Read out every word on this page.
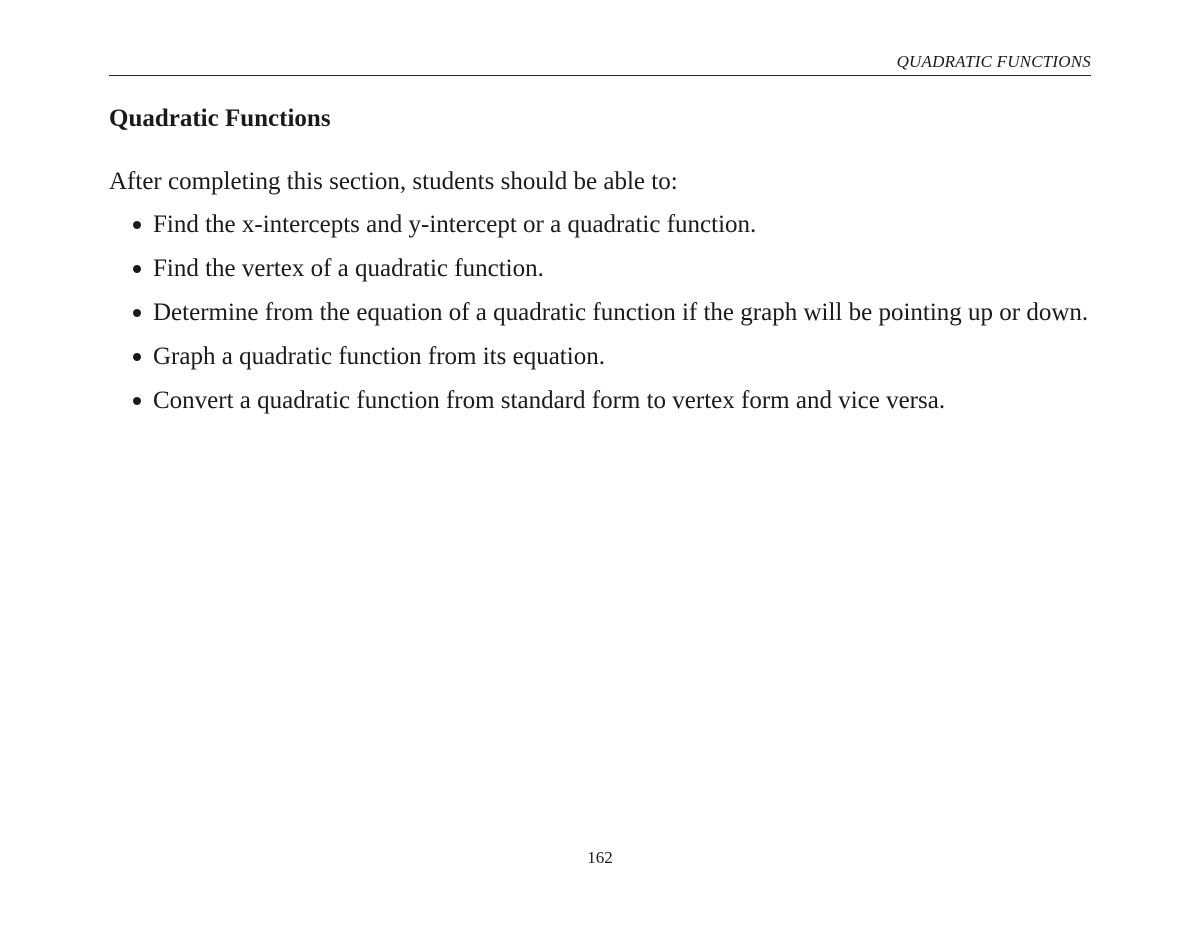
QUADRATIC FUNCTIONS
Quadratic Functions

After completing this section, students should be able to:

Find the x-intercepts and y-intercept or a quadratic function.
Find the vertex of a quadratic function.
Determine from the equation of a quadratic function if the graph will be pointing up or down.
Graph a quadratic function from its equation.
Convert a quadratic function from standard form to vertex form and vice versa.
162
